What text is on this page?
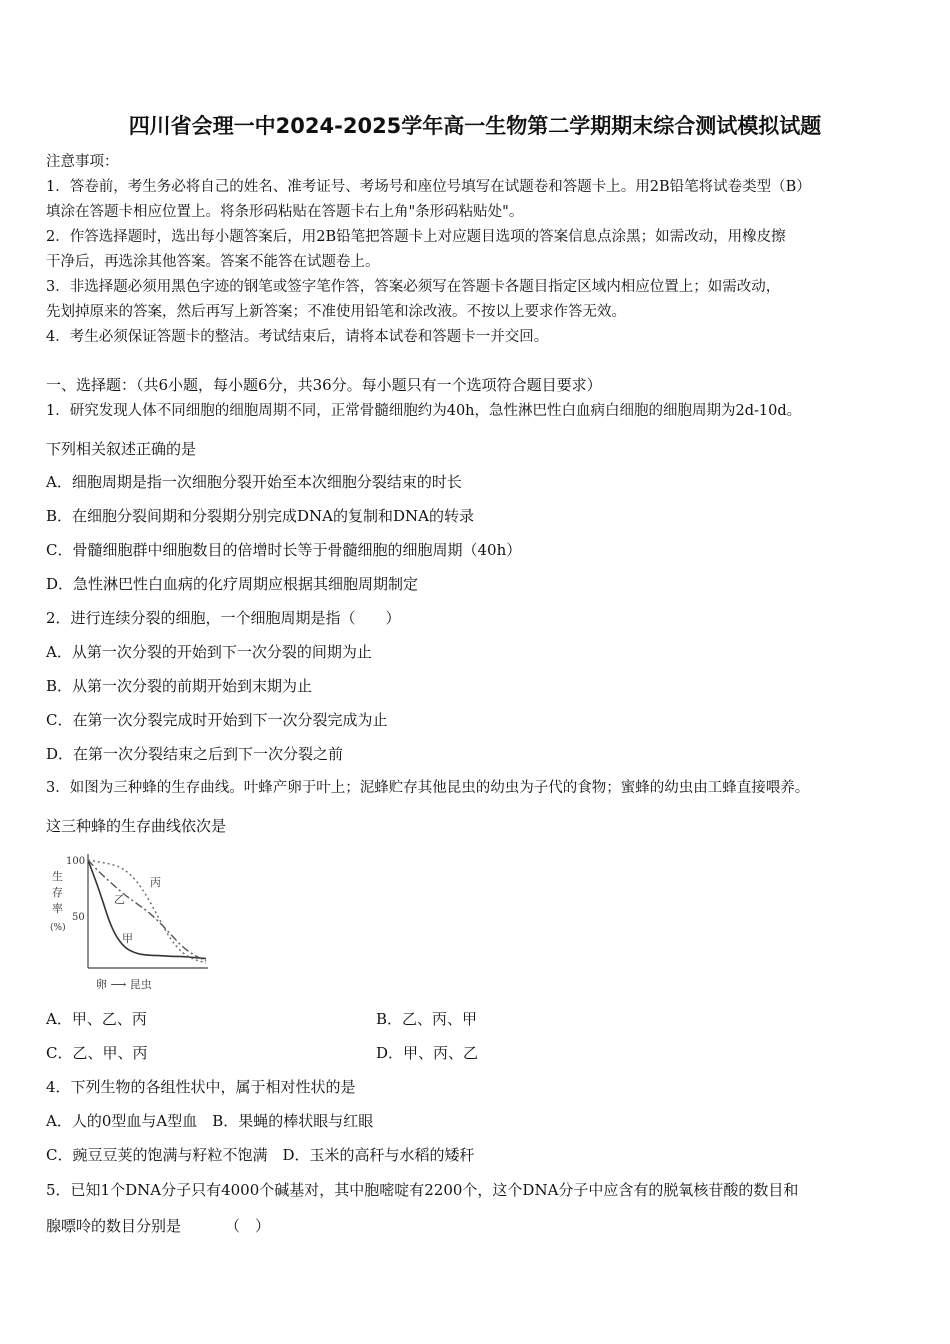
四川省会理一中2024-2025学年高一生物第二学期期末综合测试模拟试题
注意事项：
1．答卷前，考生务必将自己的姓名、准考证号、考场号和座位号填写在试题卷和答题卡上。用2B铅笔将试卷类型（B）
填涂在答题卡相应位置上。将条形码粘贴在答题卡右上角"条形码粘贴处"。
2．作答选择题时，选出每小题答案后，用2B铅笔把答题卡上对应题目选项的答案信息点涂黑；如需改动，用橡皮擦
干净后，再选涂其他答案。答案不能答在试题卷上。
3．非选择题必须用黑色字迹的钢笔或签字笔作答，答案必须写在答题卡各题目指定区域内相应位置上；如需改动，
先划掉原来的答案，然后再写上新答案；不准使用铅笔和涂改液。不按以上要求作答无效。
4．考生必须保证答题卡的整洁。考试结束后，请将本试卷和答题卡一并交回。
一、选择题：（共6小题，每小题6分，共36分。每小题只有一个选项符合题目要求）
1．研究发现人体不同细胞的细胞周期不同，正常骨髓细胞约为40h，急性淋巴性白血病白细胞的细胞周期为2d-10d。
下列相关叙述正确的是
A．细胞周期是指一次细胞分裂开始至本次细胞分裂结束的时长
B．在细胞分裂间期和分裂期分别完成DNA的复制和DNA的转录
C．骨髓细胞群中细胞数目的倍增时长等于骨髓细胞的细胞周期（40h）
D．急性淋巴性白血病的化疗周期应根据其细胞周期制定
2．进行连续分裂的细胞，一个细胞周期是指（　　）
A．从第一次分裂的开始到下一次分裂的间期为止
B．从第一次分裂的前期开始到末期为止
C．在第一次分裂完成时开始到下一次分裂完成为止
D．在第一次分裂结束之后到下一次分裂之前
3．如图为三种蜂的生存曲线。叶蜂产卵于叶上；泥蜂贮存其他昆虫的幼虫为子代的食物；蜜蜂的幼虫由工蜂直接喂养。
这三种蜂的生存曲线依次是
生
存
率
(%)
100
50
甲
乙
丙
卵 ⟶ 昆虫
A．甲、乙、丙	B．乙、丙、甲
C．乙、甲、丙	D．甲、丙、乙
4．下列生物的各组性状中，属于相对性状的是
A．人的0型血与A型血　B．果蝇的棒状眼与红眼
C．豌豆豆荚的饱满与籽粒不饱满　D．玉米的高秆与水稻的矮秆
5．已知1个DNA分子只有4000个碱基对，其中胞嘧啶有2200个，这个DNA分子中应含有的脱氧核苷酸的数目和
腺嘌呤的数目分别是	（　）
